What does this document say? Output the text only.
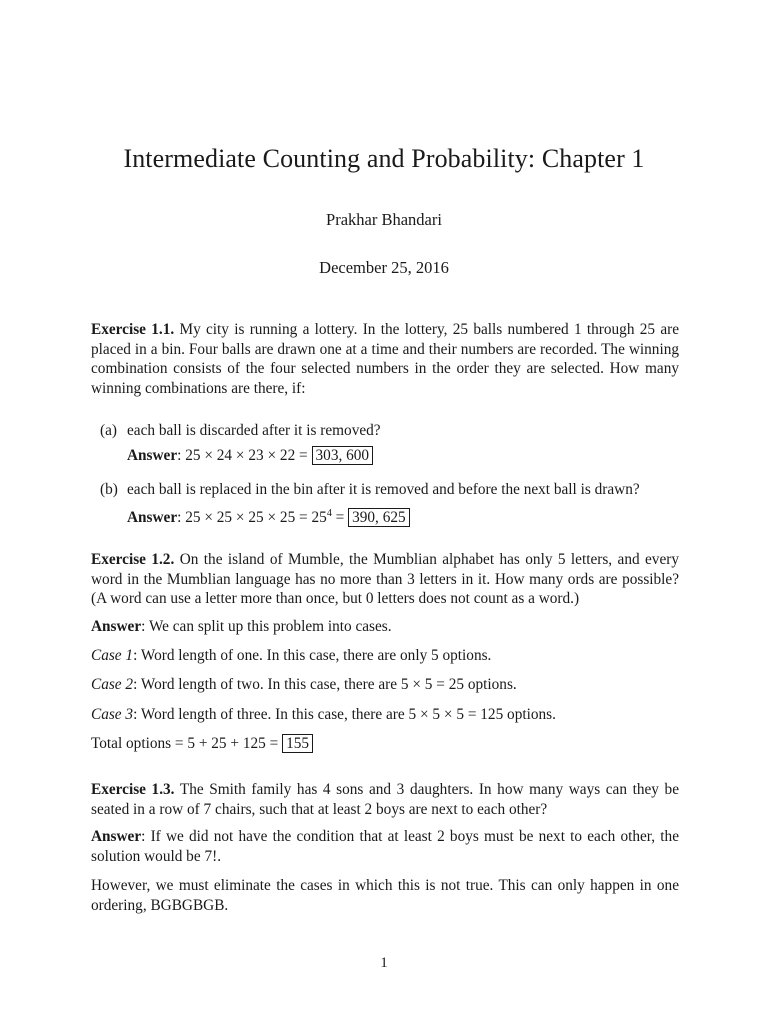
Intermediate Counting and Probability: Chapter 1
Prakhar Bhandari
December 25, 2016

Exercise 1.1. My city is running a lottery. In the lottery, 25 balls numbered 1 through 25 are placed in a bin. Four balls are drawn one at a time and their numbers are recorded. The winning combination consists of the four selected numbers in the order they are selected. How many winning combinations are there, if:

(a) each ball is discarded after it is removed?
Answer: 25 × 24 × 23 × 22 = 303, 600
(b) each ball is replaced in the bin after it is removed and before the next ball is drawn?
Answer: $25 \times 25 \times 25 \times 25 = 25^4 = 390$, 625

Exercise 1.2. On the island of Mumble, the Mumblian alphabet has only 5 letters, and every word in the Mumblian language has no more than 3 letters in it. How many ords are possible? (A word can use a letter more than once, but 0 letters does not count as a word.)

Answer: We can split up this problem into cases.
Case 1: Word length of one. In this case, there are only 5 options.
Case 2: Word length of two. In this case, there are 5 × 5 = 25 options.
Case 3: Word length of three. In this case, there are 5 × 5 × 5 = 125 options.
Total options = 5 + 25 + 125 = 155

Exercise 1.3. The Smith family has 4 sons and 3 daughters. In how many ways can they be seated in a row of 7 chairs, such that at least 2 boys are next to each other?

Answer: If we did not have the condition that at least 2 boys must be next to each other, the solution would be 7!.

However, we must eliminate the cases in which this is not true. This can only happen in one ordering, BGBGBGB.

1
